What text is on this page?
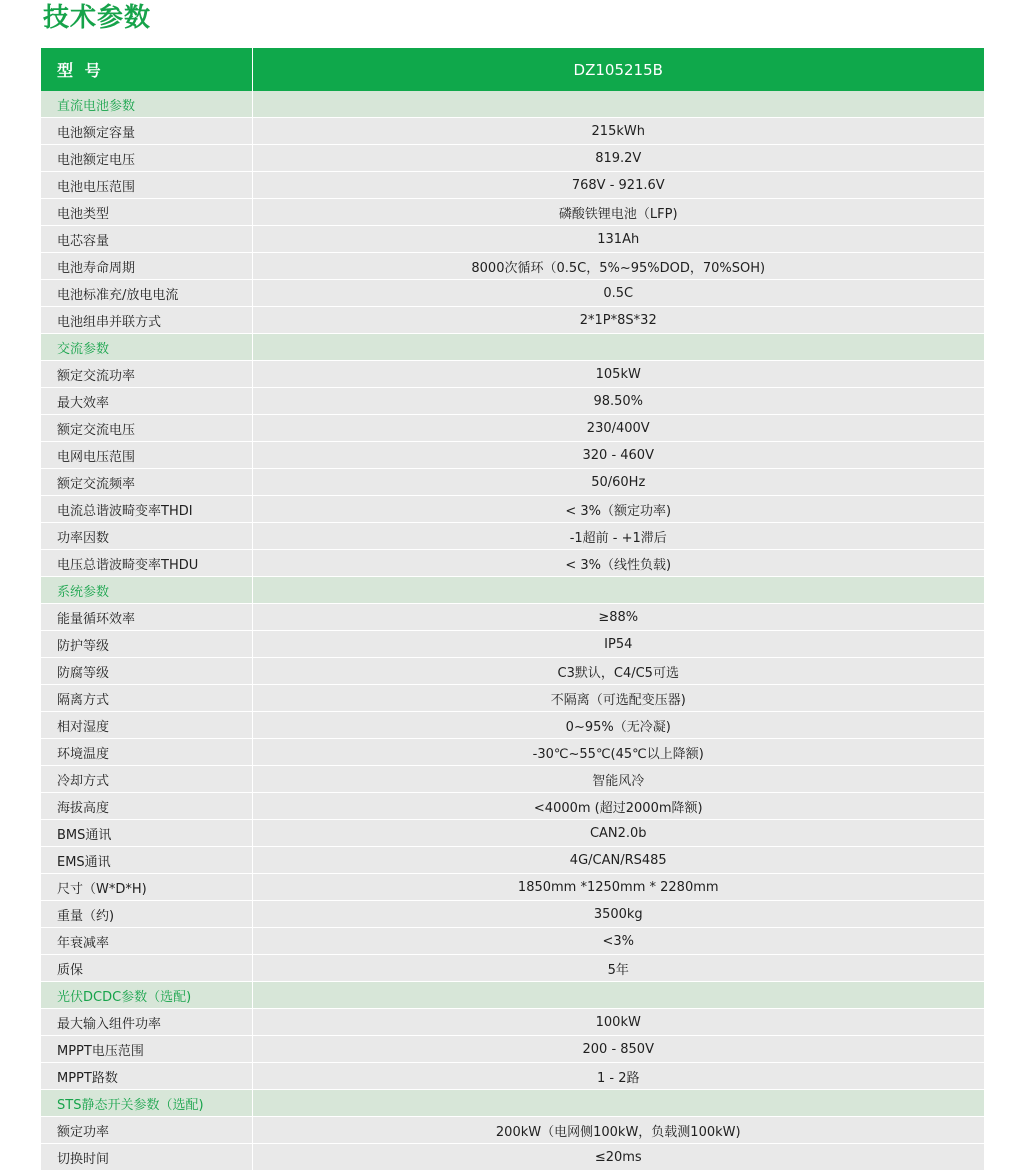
技术参数
型 号	DZ105215B
直流电池参数	
电池额定容量	215kWh
电池额定电压	819.2V
电池电压范围	768V - 921.6V
电池类型	磷酸铁锂电池（LFP)
电芯容量	131Ah
电池寿命周期	8000次循环（0.5C，5%~95%DOD，70%SOH)
电池标准充/放电电流	0.5C
电池组串并联方式	2*1P*8S*32
交流参数	
额定交流功率	105kW
最大效率	98.50%
额定交流电压	230/400V
电网电压范围	320 - 460V
额定交流频率	50/60Hz
电流总谐波畸变率THDI	< 3%（额定功率)
功率因数	-1超前 - +1滞后
电压总谐波畸变率THDU	< 3%（线性负载)
系统参数	
能量循环效率	≥88%
防护等级	IP54
防腐等级	C3默认，C4/C5可选
隔离方式	不隔离（可选配变压器)
相对湿度	0~95%（无冷凝)
环境温度	-30℃~55℃(45℃以上降额)
冷却方式	智能风冷
海拔高度	<4000m (超过2000m降额)
BMS通讯	CAN2.0b
EMS通讯	4G/CAN/RS485
尺寸（W*D*H)	1850mm *1250mm * 2280mm
重量（约)	3500kg
年衰减率	<3%
质保	5年
光伏DCDC参数（选配)	
最大输入组件功率	100kW
MPPT电压范围	200 - 850V
MPPT路数	1 - 2路
STS静态开关参数（选配)	
额定功率	200kW（电网侧100kW，负载测100kW)
切换时间	≤20ms
